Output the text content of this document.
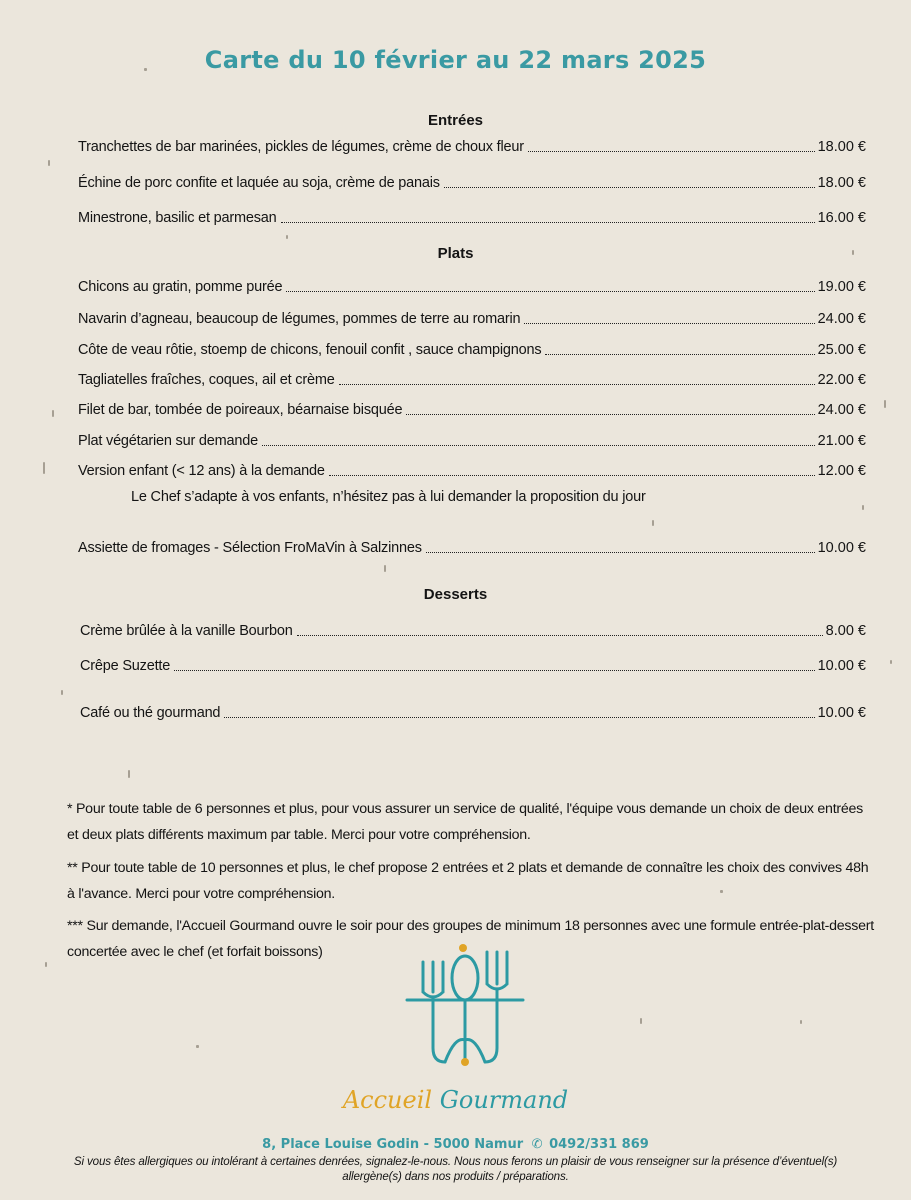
Carte du 10 février au 22 mars 2025
Entrées
Tranchettes de bar marinées, pickles de légumes, crème de choux fleur	18.00 €
Échine de porc confite et laquée au soja, crème de panais	18.00 €
Minestrone, basilic et parmesan	16.00 €
Plats
Chicons au gratin, pomme purée	19.00 €
Navarin d’agneau, beaucoup de légumes, pommes de terre au romarin	24.00 €
Côte de veau rôtie, stoemp de chicons, fenouil confit , sauce champignons	25.00 €
Tagliatelles fraîches, coques, ail et crème	22.00 €
Filet de bar, tombée de poireaux, béarnaise bisquée	24.00 €
Plat végétarien sur demande	21.00 €
Version enfant (< 12 ans) à la demande	12.00 €
Le Chef s’adapte à vos enfants, n’hésitez pas à lui demander la proposition du jour
Assiette de fromages - Sélection FroMaVin à Salzinnes	10.00 €
Desserts
Crème brûlée à la vanille Bourbon	8.00 €
Crêpe Suzette	10.00 €
Café ou thé gourmand	10.00 €
* Pour toute table de 6 personnes et plus, pour vous assurer un service de qualité, l'équipe vous demande un choix de deux entrées et deux plats différents maximum par table. Merci pour votre compréhension.
** Pour toute table de 10 personnes et plus, le chef propose 2 entrées et 2 plats et demande de connaître les choix des convives 48h à l'avance. Merci pour votre compréhension.
*** Sur demande, l'Accueil Gourmand ouvre le soir pour des groupes de minimum 18 personnes avec une formule entrée-plat-dessert concertée avec le chef (et forfait boissons)
Accueil Gourmand
8, Place Louise Godin - 5000 Namur ✆ 0492/331 869
Si vous êtes allergiques ou intolérant à certaines denrées, signalez-le-nous. Nous nous ferons un plaisir de vous renseigner sur la présence d’éventuel(s) allergène(s) dans nos produits / préparations.
